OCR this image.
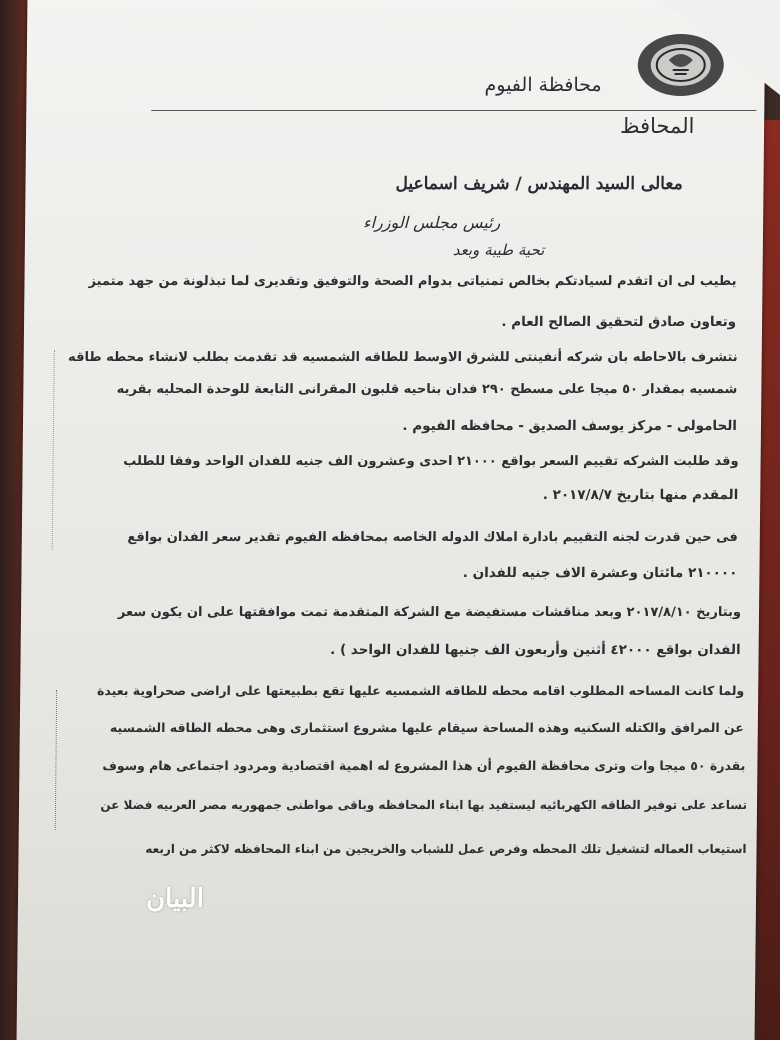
محافظة الفيوم
المحافظ
معالى السيد المهندس / شريف اسماعيل
رئيس مجلس الوزراء
تحية طيبة وبعد
يطيب لى ان اتقدم لسيادتكم بخالص تمنياتى بدوام الصحة والتوفيق وتقديرى لما تبذلونة من جهد متميز
وتعاون صادق لتحقيق الصالح العام .
نتشرف بالاحاطه بان شركه أنفينتى للشرق الاوسط للطاقه الشمسيه قد تقدمت بطلب لانشاء محطه طاقه
شمسيه بمقدار ٥٠ ميجا على مسطح ٢٩٠ فدان بناحيه قلبون المقرانى التابعة للوحدة المحليه بقريه
الحامولى - مركز يوسف الصديق - محافظه الفيوم .
وقد طلبت الشركه تقييم السعر بواقع ٢١٠٠٠ احدى وعشرون الف جنيه للفدان الواحد وفقا للطلب
المقدم منها بتاريخ ٢٠١٧/٨/٧ .
فى حين قدرت لجنه التقييم بادارة املاك الدوله الخاصه بمحافظه الفيوم تقدير سعر الفدان بواقع
٢١٠٠٠٠ مائتان وعشرة الاف جنيه للفدان .
وبتاريخ ٢٠١٧/٨/١٠ وبعد مناقشات مستفيضة مع الشركة المتقدمة تمت موافقتها على ان يكون سعر
الفدان بواقع ٤٢٠٠٠ أثنين وأربعون الف جنيها للفدان الواحد ) .
ولما كانت المساحه المطلوب اقامه محطه للطاقه الشمسيه عليها تقع بطبيعتها على اراضى صحراوية بعيدة
عن المرافق والكتله السكنيه وهذه المساحة سيقام عليها مشروع استثمارى وهى محطه الطاقه الشمسيه
بقدرة ٥٠ ميجا وات وترى محافظة الفيوم أن هذا المشروع له اهمية اقتصادية ومردود اجتماعى هام وسوف
تساعد على توفير الطاقه الكهربائيه ليستفيد بها ابناء المحافظه وباقى مواطنى جمهوريه مصر العربيه فضلا عن
استيعاب العماله لتشغيل تلك المحطه وفرص عمل للشباب والخريجين من ابناء المحافظه لاكثر من اربعه
البيان
